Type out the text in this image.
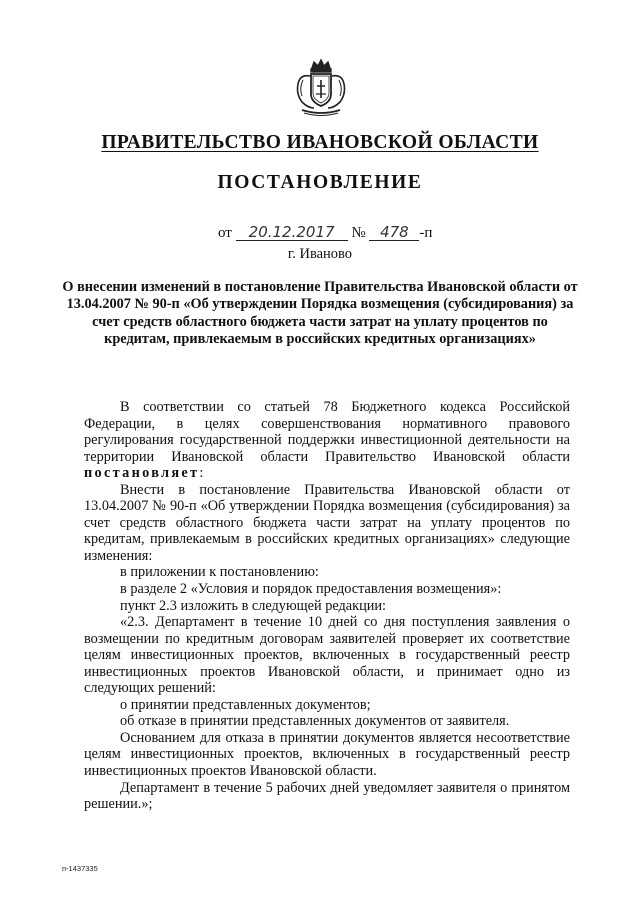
ПРАВИТЕЛЬСТВО ИВАНОВСКОЙ ОБЛАСТИ
ПОСТАНОВЛЕНИЕ
от 20.12.2017 № 478 -п
г. Иваново

О внесении изменений в постановление Правительства Ивановской области от 13.04.2007 № 90-п «Об утверждении Порядка возмещения (субсидирования) за счет средств областного бюджета части затрат на уплату процентов по кредитам, привлекаемым в российских кредитных организациях»

В соответствии со статьей 78 Бюджетного кодекса Российской Федерации, в целях совершенствования нормативного правового регулирования государственной поддержки инвестиционной деятельности на территории Ивановской области Правительство Ивановской области постановляет:

Внести в постановление Правительства Ивановской области от 13.04.2007 № 90-п «Об утверждении Порядка возмещения (субсидирования) за счет средств областного бюджета части затрат на уплату процентов по кредитам, привлекаемым в российских кредитных организациях» следующие изменения:

в приложении к постановлению:

в разделе 2 «Условия и порядок предоставления возмещения»:

пункт 2.3 изложить в следующей редакции:

«2.3. Департамент в течение 10 дней со дня поступления заявления о возмещении по кредитным договорам заявителей проверяет их соответствие целям инвестиционных проектов, включенных в государственный реестр инвестиционных проектов Ивановской области, и принимает одно из следующих решений:

о принятии представленных документов;

об отказе в принятии представленных документов от заявителя.

Основанием для отказа в принятии документов является несоответствие целям инвестиционных проектов, включенных в государственный реестр инвестиционных проектов Ивановской области.

Департамент в течение 5 рабочих дней уведомляет заявителя о принятом решении.»;

п-1437335
